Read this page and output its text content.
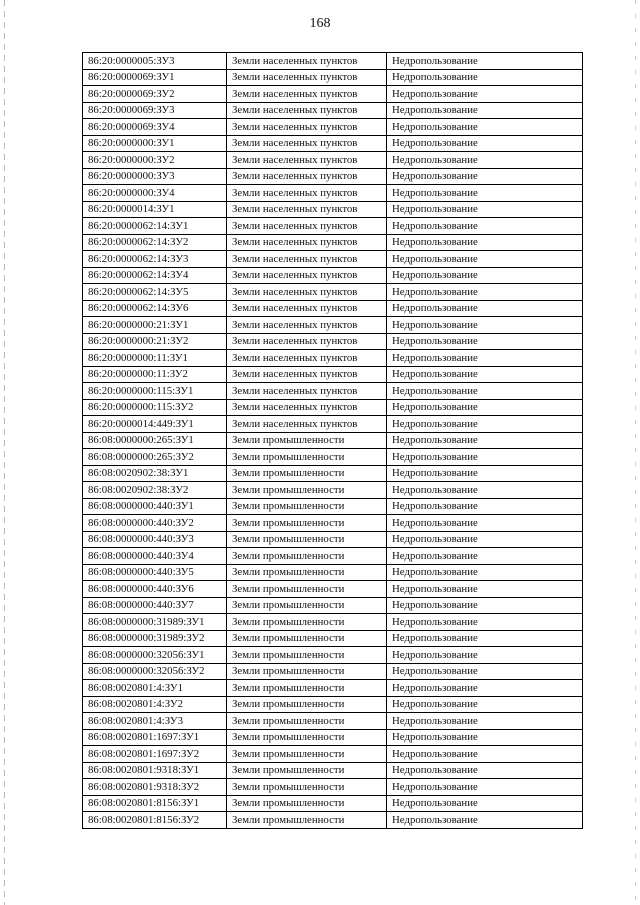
168
86:20:0000005:ЗУ3	Земли населенных пунктов	Недропользование
86:20:0000069:ЗУ1	Земли населенных пунктов	Недропользование
86:20:0000069:ЗУ2	Земли населенных пунктов	Недропользование
86:20:0000069:ЗУ3	Земли населенных пунктов	Недропользование
86:20:0000069:ЗУ4	Земли населенных пунктов	Недропользование
86:20:0000000:ЗУ1	Земли населенных пунктов	Недропользование
86:20:0000000:ЗУ2	Земли населенных пунктов	Недропользование
86:20:0000000:ЗУ3	Земли населенных пунктов	Недропользование
86:20:0000000:ЗУ4	Земли населенных пунктов	Недропользование
86:20:0000014:ЗУ1	Земли населенных пунктов	Недропользование
86:20:0000062:14:ЗУ1	Земли населенных пунктов	Недропользование
86:20:0000062:14:ЗУ2	Земли населенных пунктов	Недропользование
86:20:0000062:14:ЗУ3	Земли населенных пунктов	Недропользование
86:20:0000062:14:ЗУ4	Земли населенных пунктов	Недропользование
86:20:0000062:14:ЗУ5	Земли населенных пунктов	Недропользование
86:20:0000062:14:ЗУ6	Земли населенных пунктов	Недропользование
86:20:0000000:21:ЗУ1	Земли населенных пунктов	Недропользование
86:20:0000000:21:ЗУ2	Земли населенных пунктов	Недропользование
86:20:0000000:11:ЗУ1	Земли населенных пунктов	Недропользование
86:20:0000000:11:ЗУ2	Земли населенных пунктов	Недропользование
86:20:0000000:115:ЗУ1	Земли населенных пунктов	Недропользование
86:20:0000000:115:ЗУ2	Земли населенных пунктов	Недропользование
86:20:0000014:449:ЗУ1	Земли населенных пунктов	Недропользование
86:08:0000000:265:ЗУ1	Земли промышленности	Недропользование
86:08:0000000:265:ЗУ2	Земли промышленности	Недропользование
86:08:0020902:38:ЗУ1	Земли промышленности	Недропользование
86:08:0020902:38:ЗУ2	Земли промышленности	Недропользование
86:08:0000000:440:ЗУ1	Земли промышленности	Недропользование
86:08:0000000:440:ЗУ2	Земли промышленности	Недропользование
86:08:0000000:440:ЗУ3	Земли промышленности	Недропользование
86:08:0000000:440:ЗУ4	Земли промышленности	Недропользование
86:08:0000000:440:ЗУ5	Земли промышленности	Недропользование
86:08:0000000:440:ЗУ6	Земли промышленности	Недропользование
86:08:0000000:440:ЗУ7	Земли промышленности	Недропользование
86:08:0000000:31989:ЗУ1	Земли промышленности	Недропользование
86:08:0000000:31989:ЗУ2	Земли промышленности	Недропользование
86:08:0000000:32056:ЗУ1	Земли промышленности	Недропользование
86:08:0000000:32056:ЗУ2	Земли промышленности	Недропользование
86:08:0020801:4:ЗУ1	Земли промышленности	Недропользование
86:08:0020801:4:ЗУ2	Земли промышленности	Недропользование
86:08:0020801:4:ЗУ3	Земли промышленности	Недропользование
86:08:0020801:1697:ЗУ1	Земли промышленности	Недропользование
86:08:0020801:1697:ЗУ2	Земли промышленности	Недропользование
86:08:0020801:9318:ЗУ1	Земли промышленности	Недропользование
86:08:0020801:9318:ЗУ2	Земли промышленности	Недропользование
86:08:0020801:8156:ЗУ1	Земли промышленности	Недропользование
86:08:0020801:8156:ЗУ2	Земли промышленности	Недропользование
